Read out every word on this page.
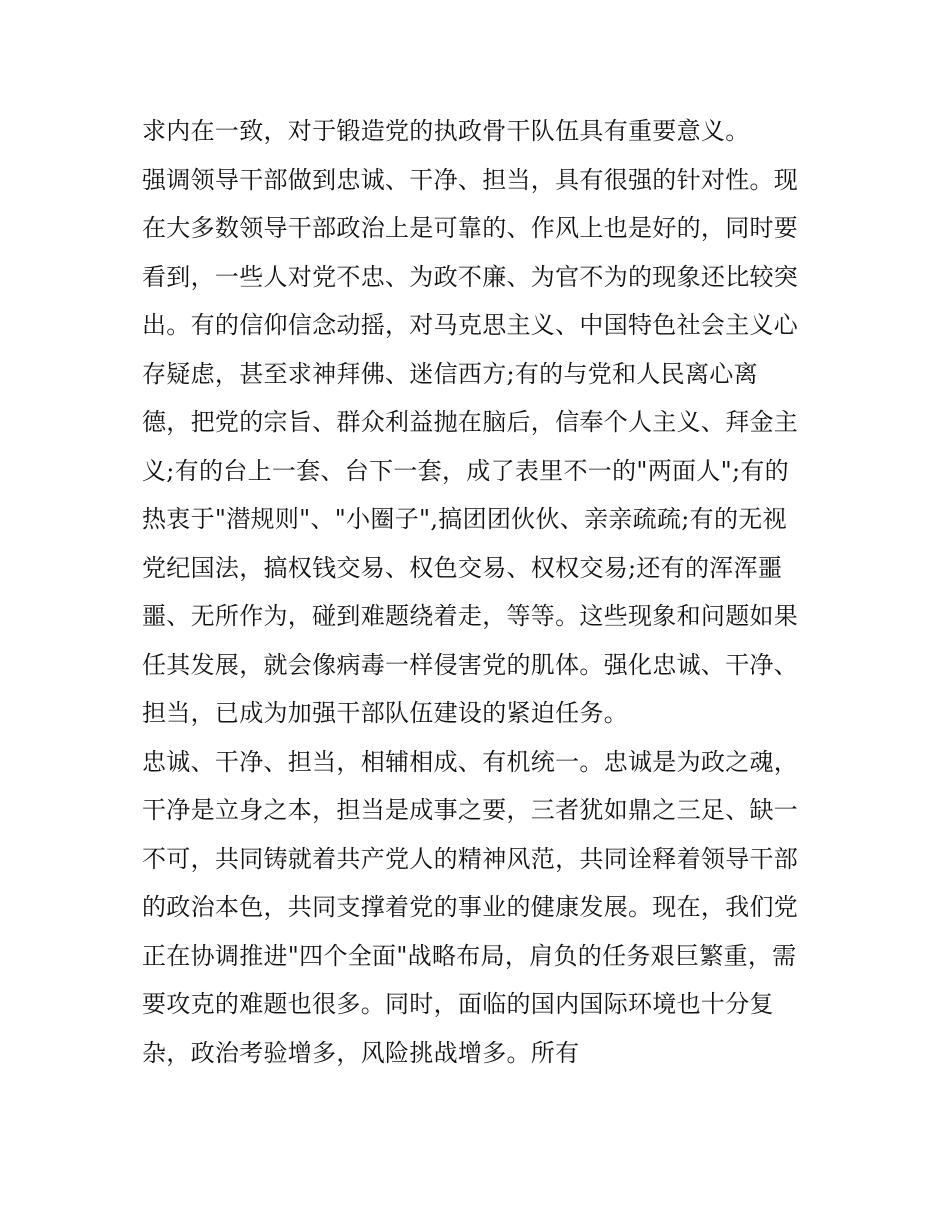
求内在一致，对于锻造党的执政骨干队伍具有重要意义。
强调领导干部做到忠诚、干净、担当，具有很强的针对性。现
在大多数领导干部政治上是可靠的、作风上也是好的，同时要
看到，一些人对党不忠、为政不廉、为官不为的现象还比较突
出。有的信仰信念动摇，对马克思主义、中国特色社会主义心
存疑虑，甚至求神拜佛、迷信西方;有的与党和人民离心离
德，把党的宗旨、群众利益抛在脑后，信奉个人主义、拜金主
义;有的台上一套、台下一套，成了表里不一的"两面人";有的
热衷于"潜规则"、"小圈子",搞团团伙伙、亲亲疏疏;有的无视
党纪国法，搞权钱交易、权色交易、权权交易;还有的浑浑噩
噩、无所作为，碰到难题绕着走，等等。这些现象和问题如果
任其发展，就会像病毒一样侵害党的肌体。强化忠诚、干净、
担当，已成为加强干部队伍建设的紧迫任务。
忠诚、干净、担当，相辅相成、有机统一。忠诚是为政之魂，
干净是立身之本，担当是成事之要，三者犹如鼎之三足、缺一
不可，共同铸就着共产党人的精神风范，共同诠释着领导干部
的政治本色，共同支撑着党的事业的健康发展。现在，我们党
正在协调推进"四个全面"战略布局，肩负的任务艰巨繁重，需
要攻克的难题也很多。同时，面临的国内国际环境也十分复
杂，政治考验增多，风险挑战增多。所有
